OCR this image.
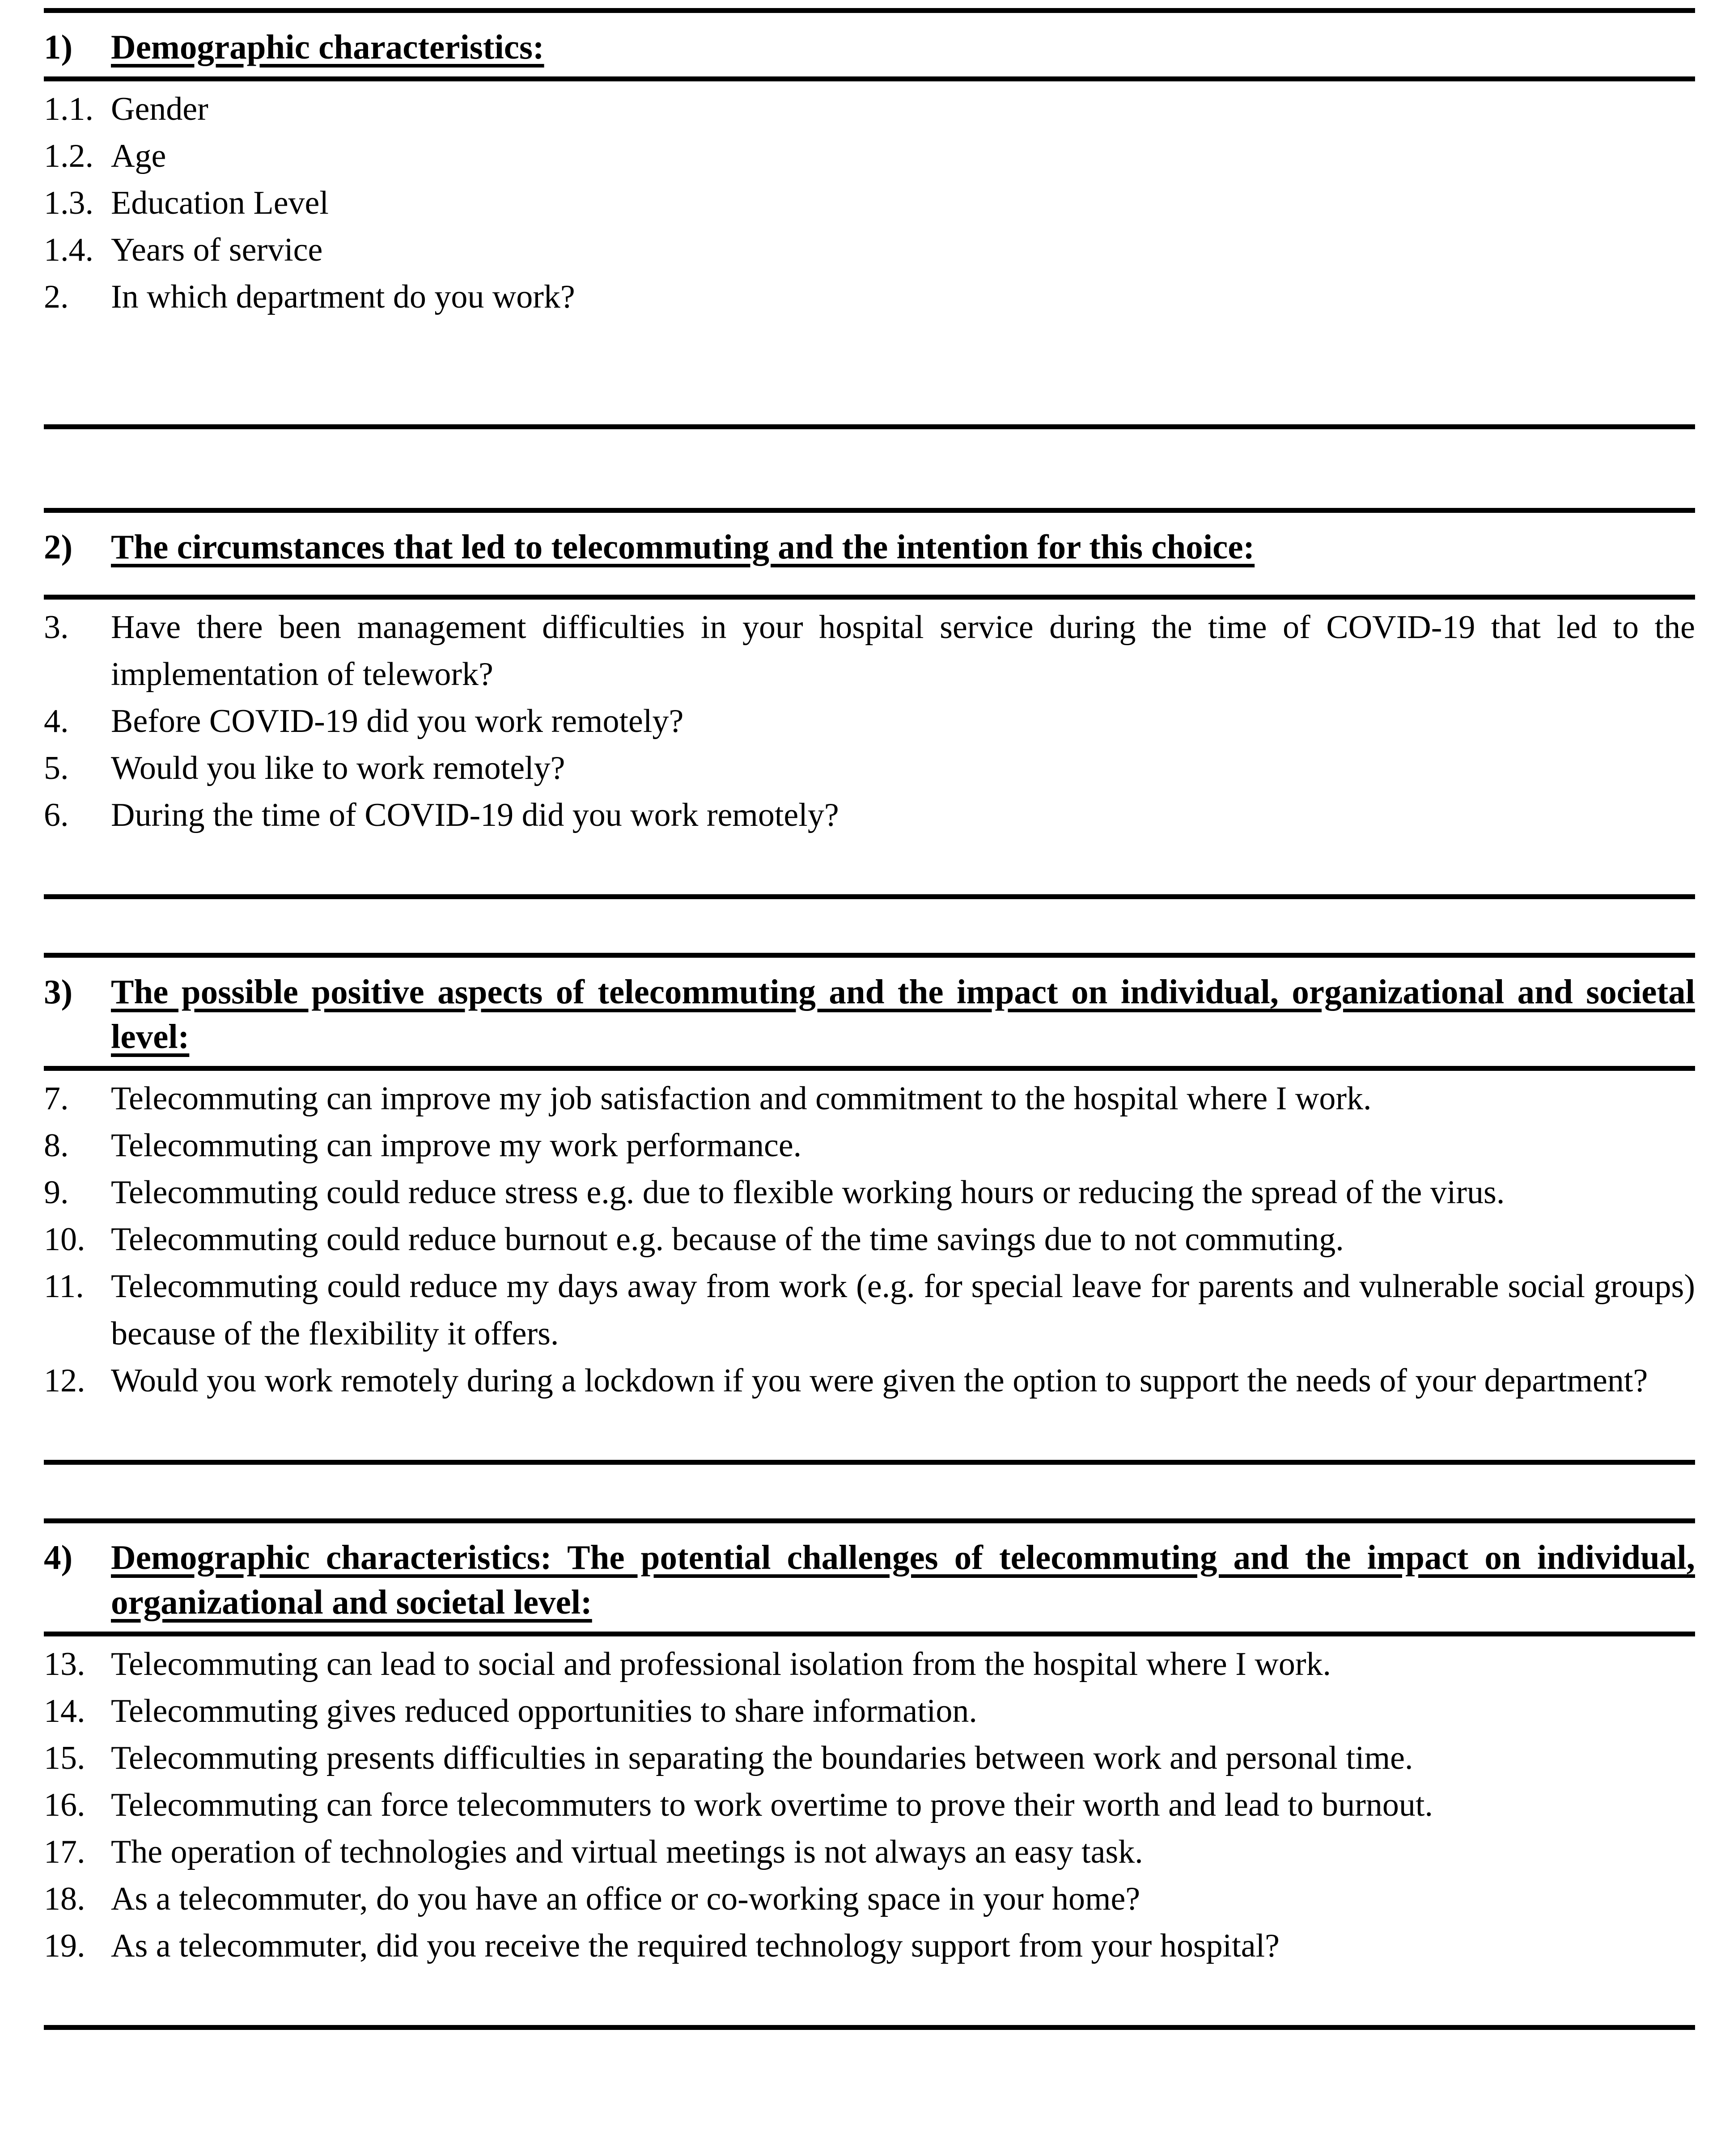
1)	Demographic characteristics:
1.1. Gender
1.2. Age
1.3. Education Level
1.4. Years of service
2.	In which department do you work?
2)	The circumstances that led to telecommuting and the intention for this choice:
3.	Have there been management difficulties in your hospital service during the time of COVID-19 that led to the implementation of telework?
4.	Before COVID-19 did you work remotely?
5.	Would you like to work remotely?
6.	During the time of COVID-19 did you work remotely?
3)	The possible positive aspects of telecommuting and the impact on individual, organizational and societal level:
7.	Telecommuting can improve my job satisfaction and commitment to the hospital where I work.
8.	Telecommuting can improve my work performance.
9.	Telecommuting could reduce stress e.g. due to flexible working hours or reducing the spread of the virus.
10. Telecommuting could reduce burnout e.g. because of the time savings due to not commuting.
11. Telecommuting could reduce my days away from work (e.g. for special leave for parents and vulnerable social groups) because of the flexibility it offers.
12. Would you work remotely during a lockdown if you were given the option to support the needs of your department?
4)	Demographic characteristics: The potential challenges of telecommuting and the impact on individual, organizational and societal level:
13. Telecommuting can lead to social and professional isolation from the hospital where I work.
14. Telecommuting gives reduced opportunities to share information.
15. Telecommuting presents difficulties in separating the boundaries between work and personal time.
16. Telecommuting can force telecommuters to work overtime to prove their worth and lead to burnout.
17. The operation of technologies and virtual meetings is not always an easy task.
18. As a telecommuter, do you have an office or co-working space in your home?
19. As a telecommuter, did you receive the required technology support from your hospital?
